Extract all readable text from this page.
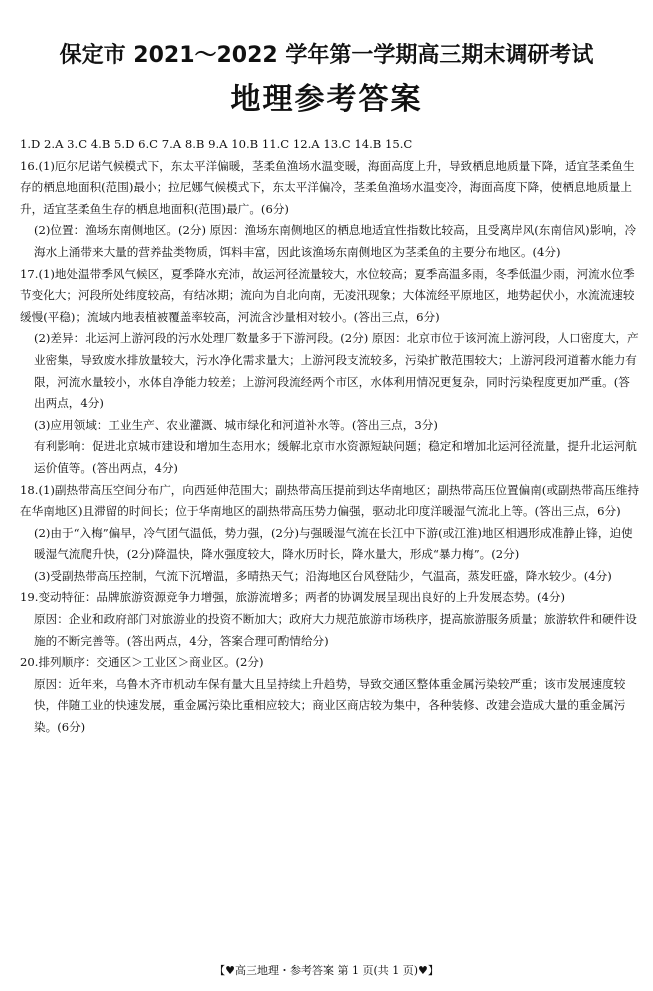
保定市 2021～2022 学年第一学期高三期末调研考试
地理参考答案
1.D 2.A 3.C 4.B 5.D 6.C 7.A 8.B 9.A 10.B 11.C 12.A 13.C 14.B 15.C

16.(1)厄尔尼诺气候模式下，东太平洋偏暖，茎柔鱼渔场水温变暖，海面高度上升，导致栖息地质量下降，适宜茎柔鱼生存的栖息地面积(范围)最小；拉尼娜气候模式下，东太平洋偏冷，茎柔鱼渔场水温变冷，海面高度下降，使栖息地质量上升，适宜茎柔鱼生存的栖息地面积(范围)最广。(6分)

(2)位置：渔场东南侧地区。(2分) 原因：渔场东南侧地区的栖息地适宜性指数比较高，且受离岸风(东南信风)影响，冷海水上涌带来大量的营养盐类物质，饵料丰富，因此该渔场东南侧地区为茎柔鱼的主要分布地区。(4分)

17.(1)地处温带季风气候区，夏季降水充沛，故运河径流量较大，水位较高；夏季高温多雨，冬季低温少雨，河流水位季节变化大；河段所处纬度较高，有结冰期；流向为自北向南，无凌汛现象；大体流经平原地区，地势起伏小，水流流速较缓慢(平稳)；流域内地表植被覆盖率较高，河流含沙量相对较小。(答出三点，6分)

(2)差异：北运河上游河段的污水处理厂数量多于下游河段。(2分) 原因：北京市位于该河流上游河段，人口密度大，产业密集，导致废水排放量较大，污水净化需求量大；上游河段支流较多，污染扩散范围较大；上游河段河道蓄水能力有限，河流水量较小，水体自净能力较差；上游河段流经两个市区，水体利用情况更复杂，同时污染程度更加严重。(答出两点，4分)

(3)应用领域：工业生产、农业灌溉、城市绿化和河道补水等。(答出三点，3分)

有利影响：促进北京城市建设和增加生态用水；缓解北京市水资源短缺问题；稳定和增加北运河径流量，提升北运河航运价值等。(答出两点，4分)

18.(1)副热带高压空间分布广，向西延伸范围大；副热带高压提前到达华南地区；副热带高压位置偏南(或副热带高压维持在华南地区)且滞留的时间长；位于华南地区的副热带高压势力偏强，驱动北印度洋暖湿气流北上等。(答出三点，6分)

(2)由于“入梅”偏早，冷气团气温低，势力强，(2分)与强暖湿气流在长江中下游(或江淮)地区相遇形成准静止锋，迫使暖湿气流爬升快，(2分)降温快，降水强度较大，降水历时长，降水量大，形成“暴力梅”。(2分)

(3)受副热带高压控制，气流下沉增温，多晴热天气；沿海地区台风登陆少，气温高，蒸发旺盛，降水较少。(4分)

19.变动特征：品牌旅游资源竞争力增强，旅游流增多；两者的协调发展呈现出良好的上升发展态势。(4分)

原因：企业和政府部门对旅游业的投资不断加大；政府大力规范旅游市场秩序，提高旅游服务质量；旅游软件和硬件设施的不断完善等。(答出两点，4分，答案合理可酌情给分)

20.排列顺序：交通区＞工业区＞商业区。(2分)

原因：近年来，乌鲁木齐市机动车保有量大且呈持续上升趋势，导致交通区整体重金属污染较严重；该市发展速度较快，伴随工业的快速发展，重金属污染比重相应较大；商业区商店较为集中，各种装修、改建会造成大量的重金属污染。(6分)

【♥高三地理・参考答案 第 1 页(共 1 页)♥】
